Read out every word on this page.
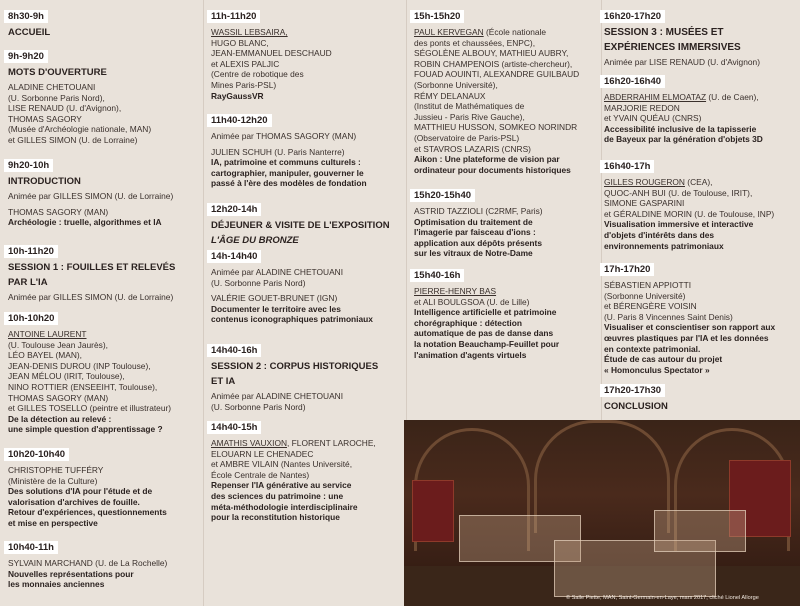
8h30-9h
ACCUEIL
9h-9h20
MOTS D'OUVERTURE
ALADINE CHETOUANI
(U. Sorbonne Paris Nord),
LISE RENAUD (U. d'Avignon),
THOMAS SAGORY
(Musée d'Archéologie nationale, MAN)
et GILLES SIMON (U. de Lorraine)
9h20-10h
INTRODUCTION
Animée par GILLES SIMON (U. de Lorraine)
THOMAS SAGORY (MAN)
Archéologie : truelle, algorithmes et IA
10h-11h20
SESSION 1 : FOUILLES ET RELEVÉS
PAR L'IA
Animée par GILLES SIMON (U. de Lorraine)
10h-10h20
ANTOINE LAURENT
(U. Toulouse Jean Jaurès),
LÉO BAYEL (MAN),
JEAN-DENIS DUROU (INP Toulouse),
JEAN MÉLOU (IRIT, Toulouse),
NINO ROTTIER (ENSEEIHT, Toulouse),
THOMAS SAGORY (MAN)
et GILLES TOSELLO (peintre et illustrateur)
De la détection au relevé :
une simple question d'apprentissage ?
10h20-10h40
CHRISTOPHE TUFFÉRY
(Ministère de la Culture)
Des solutions d'IA pour l'étude et de
valorisation d'archives de fouille.
Retour d'expériences, questionnements
et mise en perspective
10h40-11h
SYLVAIN MARCHAND (U. de La Rochelle)
Nouvelles représentations pour
les monnaies anciennes
11h-11h20
WASSIL LEBSAIRA,
HUGO BLANC,
JEAN-EMMANUEL DESCHAUD
et ALEXIS PALJIC
(Centre de robotique des
Mines Paris-PSL)
RayGaussVR
11h40-12h20
Animée par THOMAS SAGORY (MAN)
JULIEN SCHUH (U. Paris Nanterre)
IA, patrimoine et communs culturels :
cartographier, manipuler, gouverner le
passé à l'ère des modèles de fondation
12h20-14h
DÉJEUNER & VISITE DE L'EXPOSITION
L'ÂGE DU BRONZE
14h-14h40
Animée par ALADINE CHETOUANI
(U. Sorbonne Paris Nord)
VALÉRIE GOUET-BRUNET (IGN)
Documenter le territoire avec les
contenus iconographiques patrimoniaux
14h40-16h
SESSION 2 : CORPUS HISTORIQUES
ET IA
Animée par ALADINE CHETOUANI
(U. Sorbonne Paris Nord)
14h40-15h
AMATHIS VAUXION, FLORENT LAROCHE,
ELOUARN LE CHENADEC
et AMBRE VILAIN (Nantes Université,
École Centrale de Nantes)
Repenser l'IA générative au service
des sciences du patrimoine : une
méta-méthodologie interdisciplinaire
pour la reconstitution historique
15h-15h20
PAUL KERVEGAN (École nationale
des ponts et chaussées, ENPC),
SÉGOLÈNE ALBOUY, MATHIEU AUBRY,
ROBIN CHAMPENOIS (artiste-chercheur),
FOUAD AOUINTI, ALEXANDRE GUILBAUD
(Sorbonne Université),
RÉMY DELANAUX
(Institut de Mathématiques de
Jussieu - Paris Rive Gauche),
MATTHIEU HUSSON, SOMKEO NORINDR
(Observatoire de Paris-PSL)
et STAVROS LAZARIS (CNRS)
Aikon : Une plateforme de vision par
ordinateur pour documents historiques
15h20-15h40
ASTRID TAZZIOLI (C2RMF, Paris)
Optimisation du traitement de
l'imagerie par faisceau d'ions :
application aux dépôts présents
sur les vitraux de Notre-Dame
15h40-16h
PIERRE-HENRY BAS
et ALI BOULGSOA (U. de Lille)
Intelligence artificielle et patrimoine
chorégraphique : détection
automatique de pas de danse dans
la notation Beauchamp-Feuillet pour
l'animation d'agents virtuels
16h20-17h20
SESSION 3 : MUSÉES ET
EXPÉRIENCES IMMERSIVES
Animée par LISE RENAUD (U. d'Avignon)
16h20-16h40
ABDERRAHIM ELMOATAZ (U. de Caen),
MARJORIE REDON
et YVAIN QUÉAU (CNRS)
Accessibilité inclusive de la tapisserie
de Bayeux par la génération d'objets 3D
16h40-17h
GILLES ROUGERON (CEA),
QUOC-ANH BUI (U. de Toulouse, IRIT),
SIMONE GASPARINI
et GÉRALDINE MORIN (U. de Toulouse, INP)
Visualisation immersive et interactive
d'objets d'intérêts dans des
environnements patrimoniaux
17h-17h20
SÉBASTIEN APPIOTTI
(Sorbonne Université)
et BÉRENGÈRE VOISIN
(U. Paris 8 Vincennes Saint Denis)
Visualiser et conscientiser son rapport aux
œuvres plastiques par l'IA et les données
en contexte patrimonial.
Étude de cas autour du projet
« Homonculus Spectator »
17h20-17h30
CONCLUSION
© Salle Piette, MAN, Saint-Germain-en-Laye, mars 2017, cliché Lionel Allorge
